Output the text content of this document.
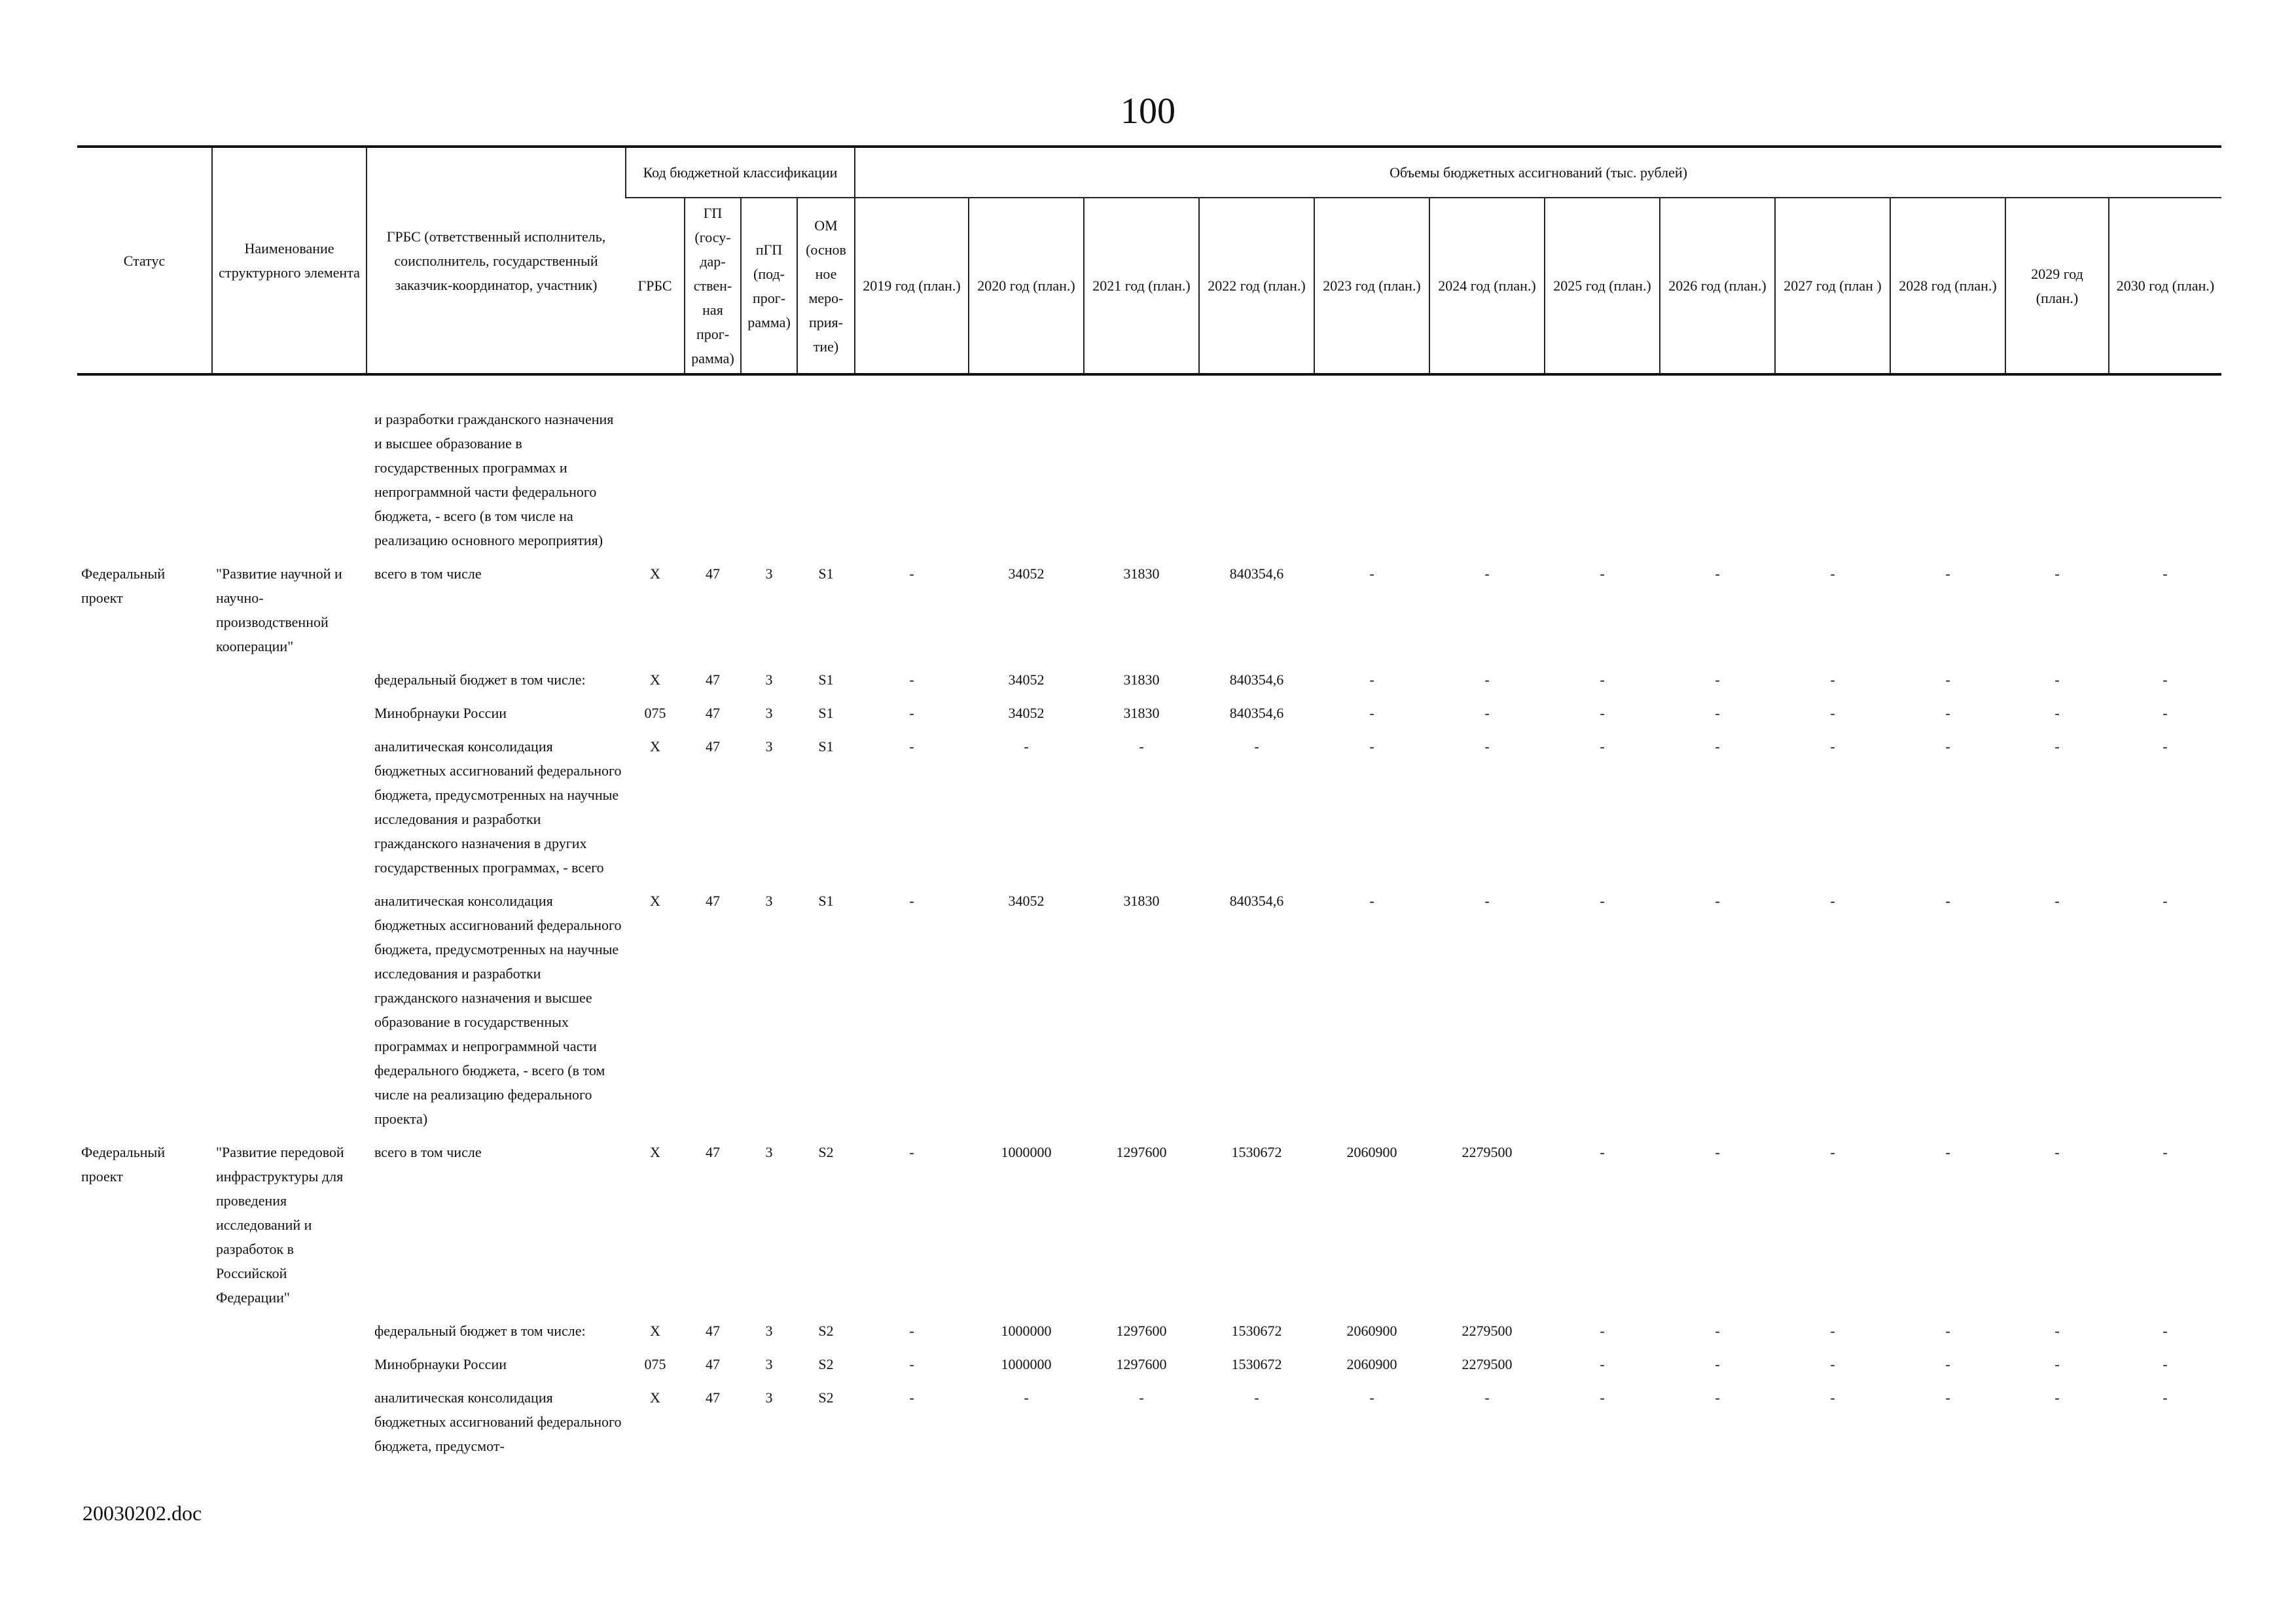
100
Статус	Наименование структурного элемента	ГРБС (ответственный исполнитель, соисполнитель, государственный заказчик-координатор, участник)	Код бюджетной классификации				Объемы бюджетных ассигнований (тыс. рублей)											
			ГРБС	ГП (госу-дар-ствен-ная прог-рамма)	пГП (под-прог-рамма)	ОМ (основ ное меро-прия-тие)	2019 год (план.)	2020 год (план.)	2021 год (план.)	2022 год (план.)	2023 год (план.)	2024 год (план.)	2025 год (план.)	2026 год (план.)	2027 год (план )	2028 год (план.)	2029 год (план.)	2030 год (план.)
		и разработки гражданского назначения и высшее образование в государственных программах и непрограммной части федерального бюджета, - всего (в том числе на реализацию основного мероприятия)																
Федеральный проект	"Развитие научной и научно-производственной кооперации"	всего в том числе	X	47	3	S1	-	34052	31830	840354,6	-	-	-	-	-	-	-	-
		федеральный бюджет в том числе:	X	47	3	S1	-	34052	31830	840354,6	-	-	-	-	-	-	-	-
		Минобрнауки России	075	47	3	S1	-	34052	31830	840354,6	-	-	-	-	-	-	-	-
		аналитическая консолидация бюджетных ассигнований федерального бюджета, предусмотренных на научные исследования и разработки гражданского назначения в других государственных программах, - всего	X	47	3	S1	-	-	-	-	-	-	-	-	-	-	-	-
		аналитическая консолидация бюджетных ассигнований федерального бюджета, предусмотренных на научные исследования и разработки гражданского назначения и высшее образование в государственных программах и непрограммной части федерального бюджета, - всего (в том числе на реализацию федерального проекта)	X	47	3	S1	-	34052	31830	840354,6	-	-	-	-	-	-	-	-
Федеральный проект	"Развитие передовой инфраструктуры для проведения исследований и разработок в Российской Федерации"	всего в том числе	X	47	3	S2	-	1000000	1297600	1530672	2060900	2279500	-	-	-	-	-	-
		федеральный бюджет в том числе:	X	47	3	S2	-	1000000	1297600	1530672	2060900	2279500	-	-	-	-	-	-
		Минобрнауки России	075	47	3	S2	-	1000000	1297600	1530672	2060900	2279500	-	-	-	-	-	-
		аналитическая консолидация бюджетных ассигнований федерального бюджета, предусмот-	X	47	3	S2	-	-	-	-	-	-	-	-	-	-	-	-
20030202.doc
